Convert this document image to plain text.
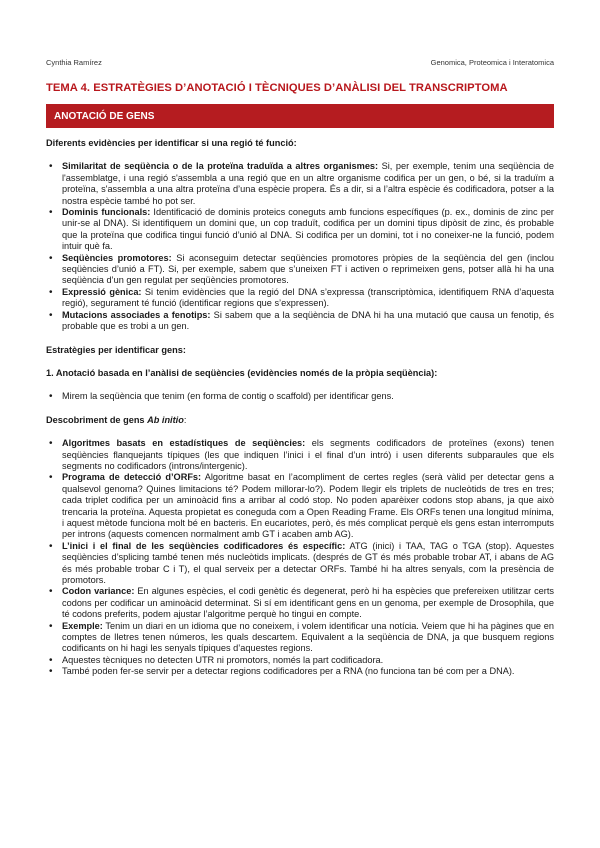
Cynthia Ramírez	Genomica, Proteomica i Interatomica
TEMA 4. ESTRATÈGIES D’ANOTACIÓ I TÈCNIQUES D’ANÀLISI DEL TRANSCRIPTOMA
ANOTACIÓ DE GENS

Diferents evidències per identificar si una regió té funció:

• Similaritat de seqüència o de la proteïna traduïda a altres organismes: Si, per exemple, tenim una seqüència de l'assemblatge, i una regió s'assembla a una regió que en un altre organisme codifica per un gen, o bé, si la traduïm a proteïna, s'assembla a una altra proteïna d’una espècie propera. És a dir, si a l’altra espècie és codificadora, potser a la nostra espècie també ho pot ser.
• Dominis funcionals: Identificació de dominis proteics coneguts amb funcions específiques (p. ex., dominis de zinc per unir-se al DNA). Si identifiquem un domini que, un cop traduït, codifica per un domini tipus dipòsit de zinc, és probable que la proteïna que codifica tingui funció d’unió al DNA. Si codifica per un domini, tot i no coneixer-ne la funció, podem intuir què fa.
• Seqüències promotores: Si aconseguim detectar seqüències promotores pròpies de la seqüència del gen (inclou seqüències d’unió a FT). Si, per exemple, sabem que s’uneixen FT i activen o reprimeixen gens, potser allà hi ha una seqüència d’un gen regulat per seqüències promotores.
• Expressió gènica: Si tenim evidències que la regió del DNA s’expressa (transcriptòmica, identifiquem RNA d’aquesta regió), segurament té funció (identificar regions que s’expressen).
• Mutacions associades a fenotips: Si sabem que a la seqüència de DNA hi ha una mutació que causa un fenotip, és probable que es trobi a un gen.

Estratègies per identificar gens:

1. Anotació basada en l’anàlisi de seqüències (evidències només de la pròpia seqüència):

• Mirem la seqüència que tenim (en forma de contig o scaffold) per identificar gens.

Descobriment de gens Ab initio:

• Algoritmes basats en estadístiques de seqüències: els segments codificadors de proteïnes (exons) tenen seqüències flanquejants típiques (les que indiquen l’inici i el final d’un intró) i usen diferents subparaules que els segments no codificadors (introns/intergenic).
• Programa de detecció d’ORFs: Algoritme basat en l’acompliment de certes regles (serà vàlid per detectar gens a qualsevol genoma? Quines limitacions té? Podem millorar-lo?). Podem llegir els triplets de nucleòtids de tres en tres; cada triplet codifica per un aminoàcid fins a arribar al codó stop. No poden aparèixer codons stop abans, ja que això trencaria la proteïna. Aquesta propietat es coneguda com a Open Reading Frame. Els ORFs tenen una longitud mínima, i aquest mètode funciona molt bé en bacteris. En eucariotes, però, és més complicat perquè els gens estan interromputs per introns (aquests comencen normalment amb GT i acaben amb AG).
• L’inici i el final de les seqüències codificadores és específic: ATG (inici) i TAA, TAG o TGA (stop). Aquestes seqüències d’splicing també tenen més nucleòtids implicats. (després de GT és més probable trobar AT, i abans de AG és més probable trobar C i T), el qual serveix per a detectar ORFs. També hi ha altres senyals, com la presència de promotors.
• Codon variance: En algunes espècies, el codi genètic és degenerat, però hi ha espècies que prefereixen utilitzar certs codons per codificar un aminoàcid determinat. Si sí em identificant gens en un genoma, per exemple de Drosophila, que té codons preferits, podem ajustar l’algoritme perquè ho tingui en compte.
• Exemple: Tenim un diari en un idioma que no coneixem, i volem identificar una notícia. Veiem que hi ha pàgines que en comptes de lletres tenen números, les quals descartem. Equivalent a la seqüència de DNA, ja que busquem regions codificants on hi hagi les senyals típiques d’aquestes regions.
• Aquestes tècniques no detecten UTR ni promotors, només la part codificadora.
• També poden fer-se servir per a detectar regions codificadores per a RNA (no funciona tan bé com per a DNA).
